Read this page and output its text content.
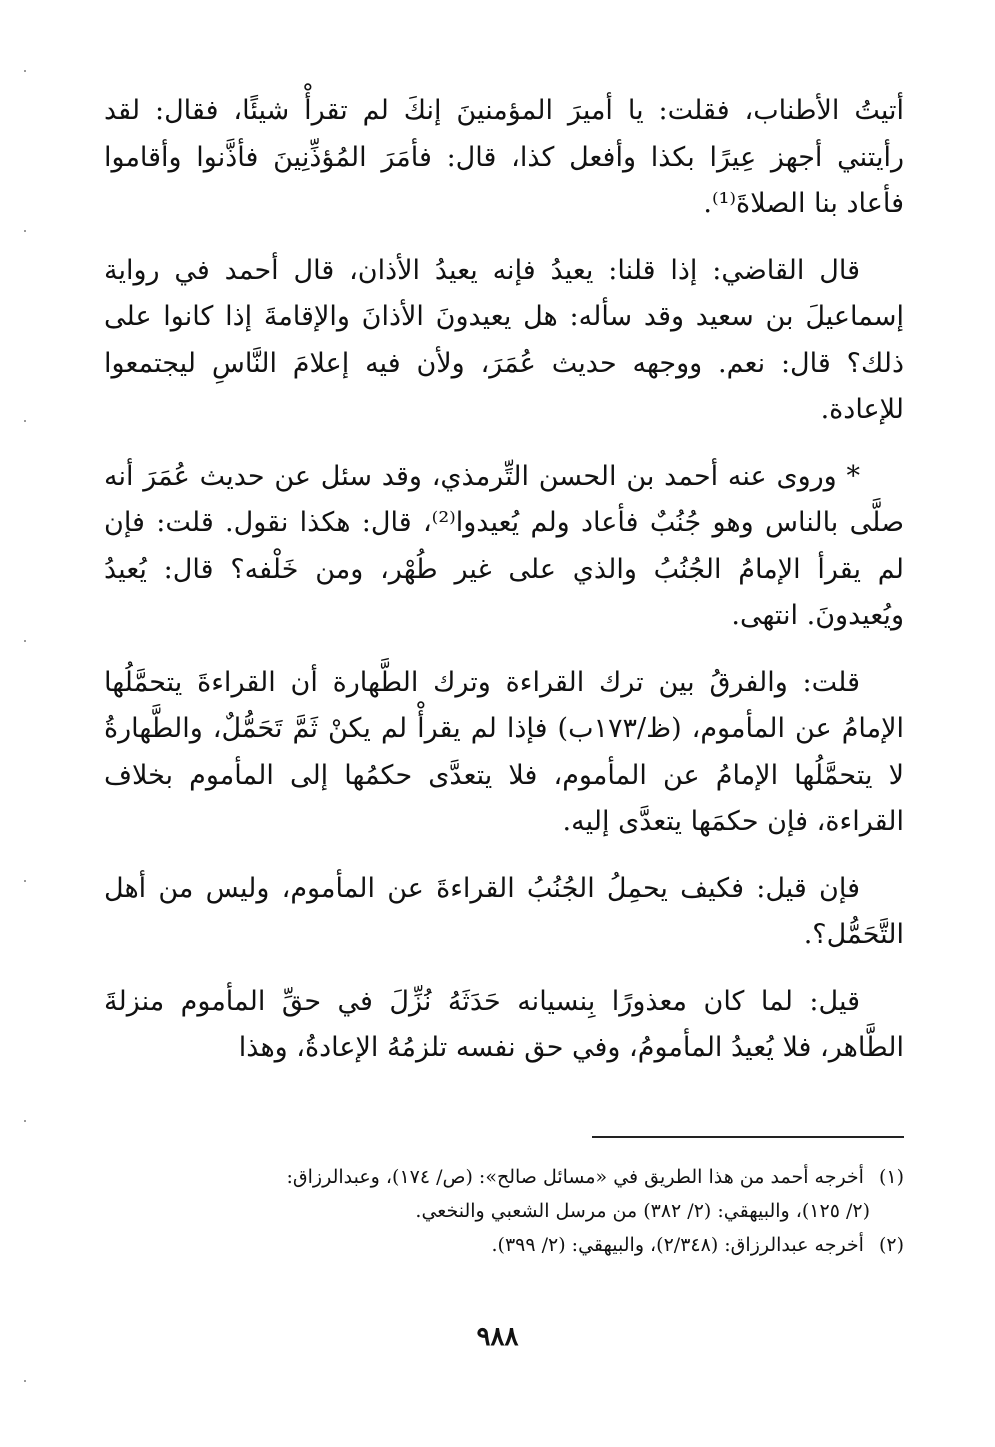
أتيتُ الأطناب، فقلت: يا أميرَ المؤمنينَ إنكَ لم تقرأْ شيئًا، فقال: لقد رأيتني أجهز عِيرًا بكذا وأفعل كذا، قال: فأمَرَ المُؤذِّنِينَ فأذَّنوا وأقاموا فأعاد بنا الصلاةَ⁽¹⁾.

قال القاضي: إذا قلنا: يعيدُ فإنه يعيدُ الأذان، قال أحمد في رواية إسماعيلَ بن سعيد وقد سأله: هل يعيدونَ الأذانَ والإقامةَ إذا كانوا على ذلك؟ قال: نعم. ووجهه حديث عُمَرَ، ولأن فيه إعلامَ النَّاسِ ليجتمعوا للإعادة.

* وروى عنه أحمد بن الحسن التِّرمذي، وقد سئل عن حديث عُمَرَ أنه صلَّى بالناس وهو جُنُبٌ فأعاد ولم يُعيدوا⁽²⁾، قال: هكذا نقول. قلت: فإن لم يقرأ الإمامُ الجُنُبُ والذي على غير طُهْر، ومن خَلْفه؟ قال: يُعيدُ ويُعيدونَ. انتهى.

قلت: والفرقُ بين ترك القراءة وترك الطَّهارة أن القراءةَ يتحمَّلُها الإمامُ عن المأموم، (ظ/١٧٣ب) فإذا لم يقرأْ لم يكنْ ثَمَّ تَحَمُّلٌ، والطَّهارةُ لا يتحمَّلُها الإمامُ عن المأموم، فلا يتعدَّى حكمُها إلى المأموم بخلاف القراءة، فإن حكمَها يتعدَّى إليه.

فإن قيل: فكيف يحمِلُ الجُنُبُ القراءةَ عن المأموم، وليس من أهل التَّحَمُّل؟.

قيل: لما كان معذورًا بِنسيانه حَدَثَهُ نُزِّلَ في حقِّ المأموم منزلةَ الطَّاهر، فلا يُعيدُ المأمومُ، وفي حق نفسه تلزمُهُ الإعادةُ، وهذا

(١) أخرجه أحمد من هذا الطريق في «مسائل صالح»: (ص/ ١٧٤)، وعبدالرزاق:

(٢/ ١٢٥)، والبيهقي: (٢/ ٣٨٢) من مرسل الشعبي والنخعي.

(٢) أخرجه عبدالرزاق: (٢/٣٤٨)، والبيهقي: (٢/ ٣٩٩).

٩٨٨
